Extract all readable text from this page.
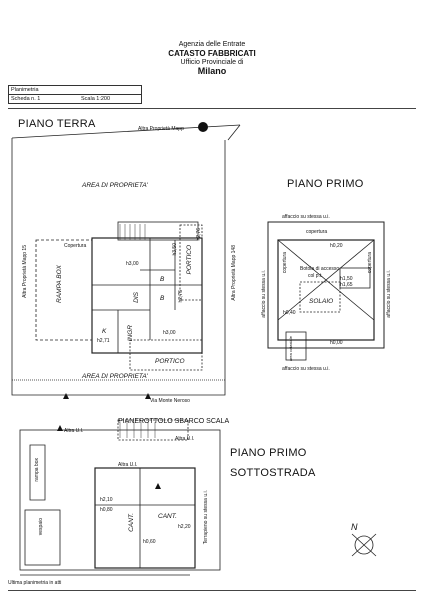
Agenzia delle Entrate
CATASTO FABBRICATI
Ufficio Provinciale di
Milano
Planimetria
Scheda n. 1	Scala 1:200
PIANO TERRA
PIANO PRIMO
PIANO PRIMO
SOTTOSTRADA
Altra Proprietà Mapp
AREA DI PROPRIETA'
AREA DI PROPRIETA'
Altra Proprietà Mapp 15	Altra Proprietà Mapp 148
RAMPA BOX
Copertura	PORTICO
PORTICO
B
B
K	INGR
DIS
h3,00
h3,00
h2,71
h3,50
h2,76
h2,75
Via Monte Neroso
affaccio su stessa u.i.
affaccio su stessa u.i.
affaccio su stessa u.i.	affaccio su stessa u.i.
copertura
copertura	copertura
Botola di accesso
col p.t.
SOLAIO
h0,20
h1,50
h1,65
h0,40
h0,00
area catastale
PIANEROTTOLO SBARCO SCALA
Altra U.I.
Altra U.I.
Altra U.I.
rampa box
CANT.	CANT.
h2,10
h0,80
h2,20
h0,60
vespaio	Terrapieno su stessa u.i.	N
Ultima planimetria in atti
